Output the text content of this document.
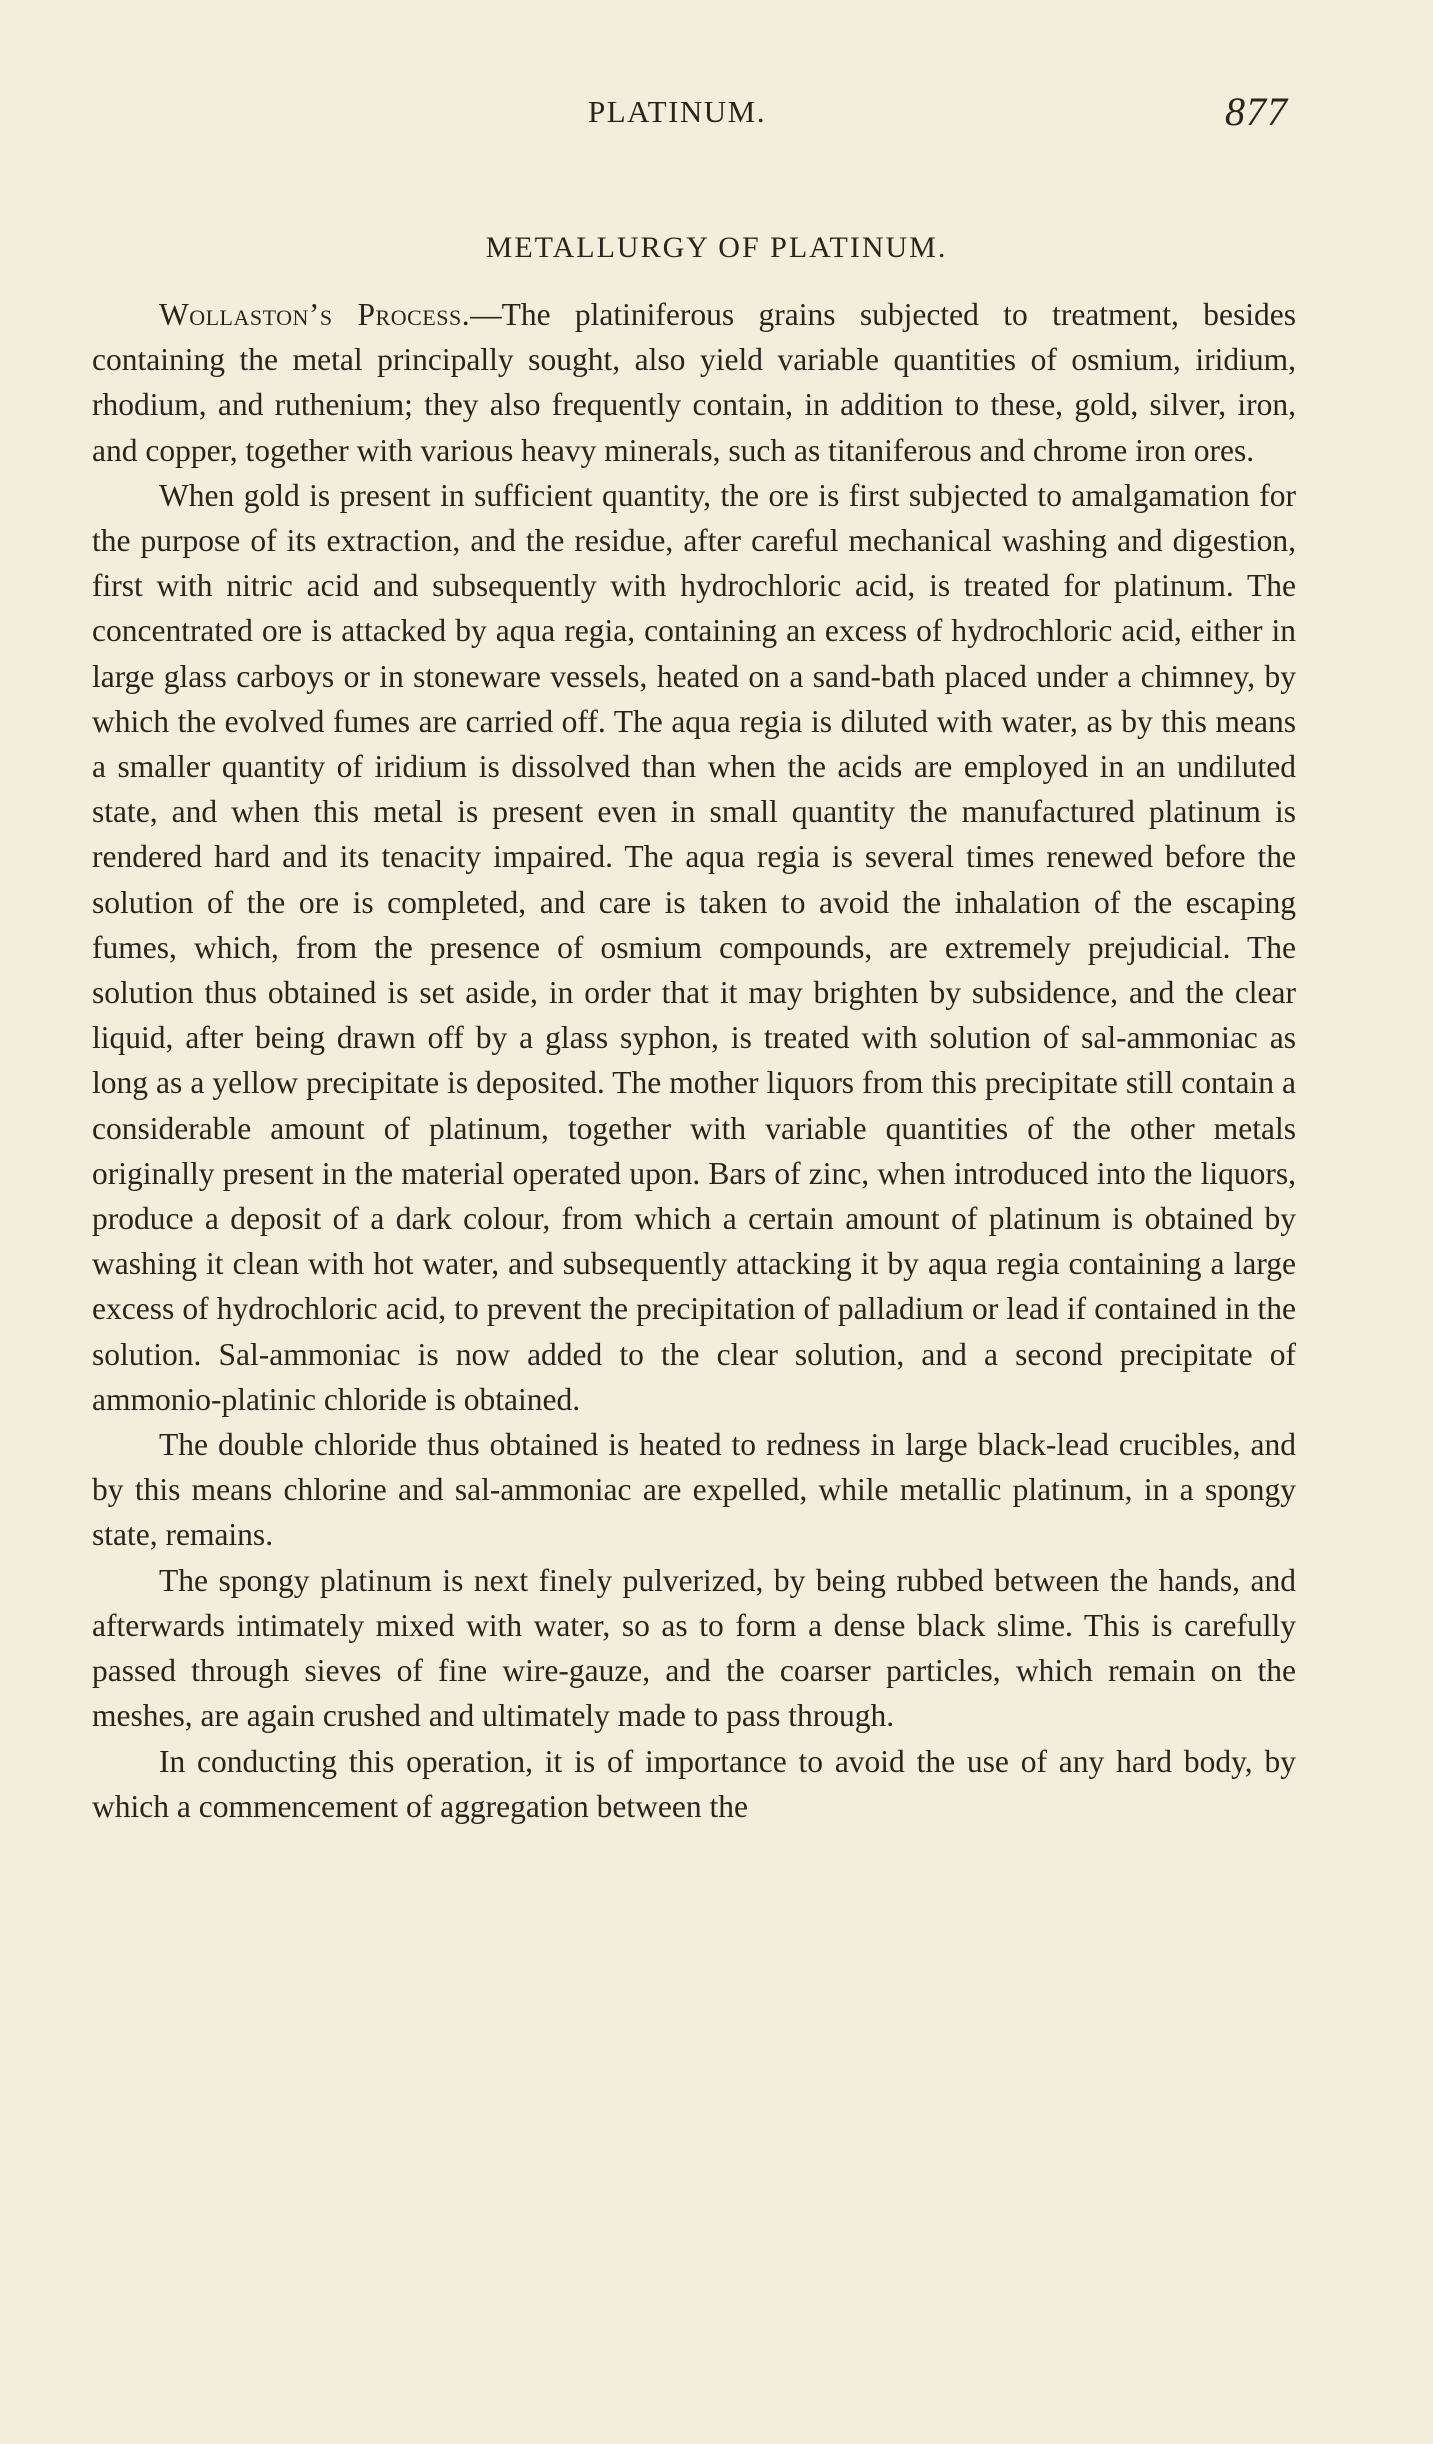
PLATINUM.	877
METALLURGY OF PLATINUM.

Wollaston’s Process.—The platiniferous grains subjected to treatment, besides containing the metal principally sought, also yield variable quantities of osmium, iridium, rhodium, and ruthenium; they also frequently contain, in addition to these, gold, silver, iron, and copper, together with various heavy minerals, such as titaniferous and chrome iron ores.

When gold is present in sufficient quantity, the ore is first subjected to amalgamation for the purpose of its extraction, and the residue, after careful mechanical washing and digestion, first with nitric acid and subsequently with hydrochloric acid, is treated for platinum. The concentrated ore is attacked by aqua regia, containing an excess of hydrochloric acid, either in large glass carboys or in stoneware vessels, heated on a sand-bath placed under a chimney, by which the evolved fumes are carried off. The aqua regia is diluted with water, as by this means a smaller quantity of iridium is dissolved than when the acids are employed in an undiluted state, and when this metal is present even in small quantity the manufactured platinum is rendered hard and its tenacity impaired. The aqua regia is several times renewed before the solution of the ore is completed, and care is taken to avoid the inhalation of the escaping fumes, which, from the presence of osmium compounds, are extremely prejudicial. The solution thus obtained is set aside, in order that it may brighten by subsidence, and the clear liquid, after being drawn off by a glass syphon, is treated with solution of sal-ammoniac as long as a yellow precipitate is deposited. The mother liquors from this precipitate still contain a considerable amount of platinum, together with variable quantities of the other metals originally present in the material operated upon. Bars of zinc, when introduced into the liquors, produce a deposit of a dark colour, from which a certain amount of platinum is obtained by washing it clean with hot water, and subsequently attacking it by aqua regia containing a large excess of hydrochloric acid, to prevent the precipitation of palladium or lead if contained in the solution. Sal-ammoniac is now added to the clear solution, and a second precipitate of ammonio-platinic chloride is obtained.

The double chloride thus obtained is heated to redness in large black-lead crucibles, and by this means chlorine and sal-ammoniac are expelled, while metallic platinum, in a spongy state, remains.

The spongy platinum is next finely pulverized, by being rubbed between the hands, and afterwards intimately mixed with water, so as to form a dense black slime. This is carefully passed through sieves of fine wire-gauze, and the coarser particles, which remain on the meshes, are again crushed and ultimately made to pass through.

In conducting this operation, it is of importance to avoid the use of any hard body, by which a commencement of aggregation between the
